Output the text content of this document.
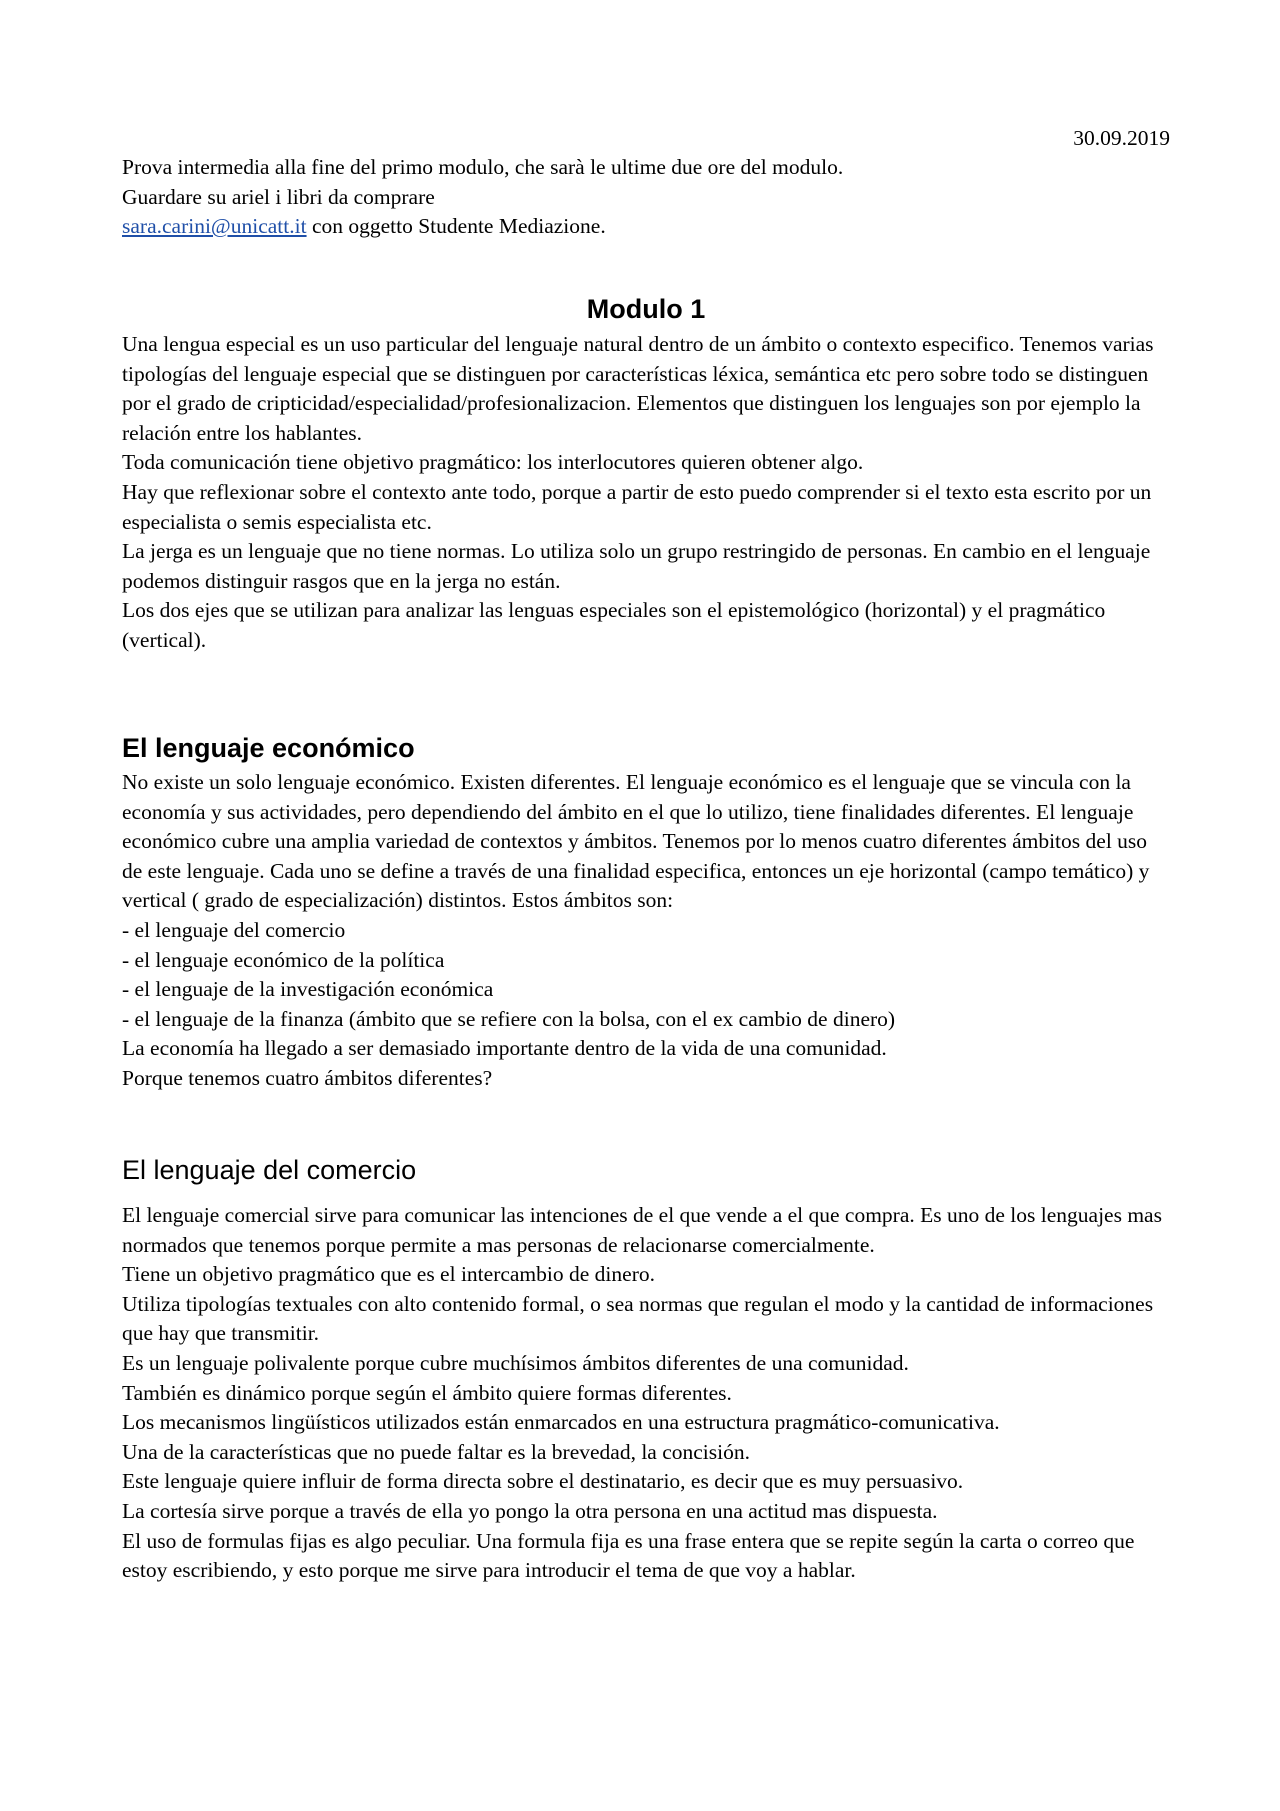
30.09.2019
Prova intermedia alla fine del primo modulo, che sarà le ultime due ore del modulo.
Guardare su ariel i libri da comprare
sara.carini@unicatt.it con oggetto Studente Mediazione.
Modulo 1

Una lengua especial es un uso particular del lenguaje natural dentro de un ámbito o contexto especifico. Tenemos varias tipologías del lenguaje especial que se distinguen por características léxica, semántica etc pero sobre todo se distinguen por el grado de cripticidad/especialidad/profesionalizacion. Elementos que distinguen los lenguajes son por ejemplo la relación entre los hablantes.

Toda comunicación tiene objetivo pragmático: los interlocutores quieren obtener algo.

Hay que reflexionar sobre el contexto ante todo, porque a partir de esto puedo comprender si el texto esta escrito por un especialista o semis especialista etc.

La jerga es un lenguaje que no tiene normas. Lo utiliza solo un grupo restringido de personas. En cambio en el lenguaje podemos distinguir rasgos que en la jerga no están.

Los dos ejes que se utilizan para analizar las lenguas especiales son el epistemológico (horizontal) y el pragmático (vertical).

El lenguaje económico

No existe un solo lenguaje económico. Existen diferentes. El lenguaje económico es el lenguaje que se vincula con la economía y sus actividades, pero dependiendo del ámbito en el que lo utilizo, tiene finalidades diferentes. El lenguaje económico cubre una amplia variedad de contextos y ámbitos. Tenemos por lo menos cuatro diferentes ámbitos del uso de este lenguaje. Cada uno se define a través de una finalidad especifica, entonces un eje horizontal (campo temático) y vertical ( grado de especialización) distintos. Estos ámbitos son:

- el lenguaje del comercio

- el lenguaje económico de la política

- el lenguaje de la investigación económica

- el lenguaje de la finanza (ámbito que se refiere con la bolsa, con el ex cambio de dinero)

La economía ha llegado a ser demasiado importante dentro de la vida de una comunidad.

Porque tenemos cuatro ámbitos diferentes?

El lenguaje del comercio

El lenguaje comercial sirve para comunicar las intenciones de el que vende a el que compra. Es uno de los lenguajes mas normados que tenemos porque permite a mas personas de relacionarse comercialmente.

Tiene un objetivo pragmático que es el intercambio de dinero.

Utiliza tipologías textuales con alto contenido formal, o sea normas que regulan el modo y la cantidad de informaciones que hay que transmitir.

Es un lenguaje polivalente porque cubre muchísimos ámbitos diferentes de una comunidad.

También es dinámico porque según el ámbito quiere formas diferentes.

Los mecanismos lingüísticos utilizados están enmarcados en una estructura pragmático-comunicativa.

Una de la características que no puede faltar es la brevedad, la concisión.

Este lenguaje quiere influir de forma directa sobre el destinatario, es decir que es muy persuasivo.

La cortesía sirve porque a través de ella yo pongo la otra persona en una actitud mas dispuesta.

El uso de formulas fijas es algo peculiar. Una formula fija es una frase entera que se repite según la carta o correo que estoy escribiendo, y esto porque me sirve para introducir el tema de que voy a hablar.
